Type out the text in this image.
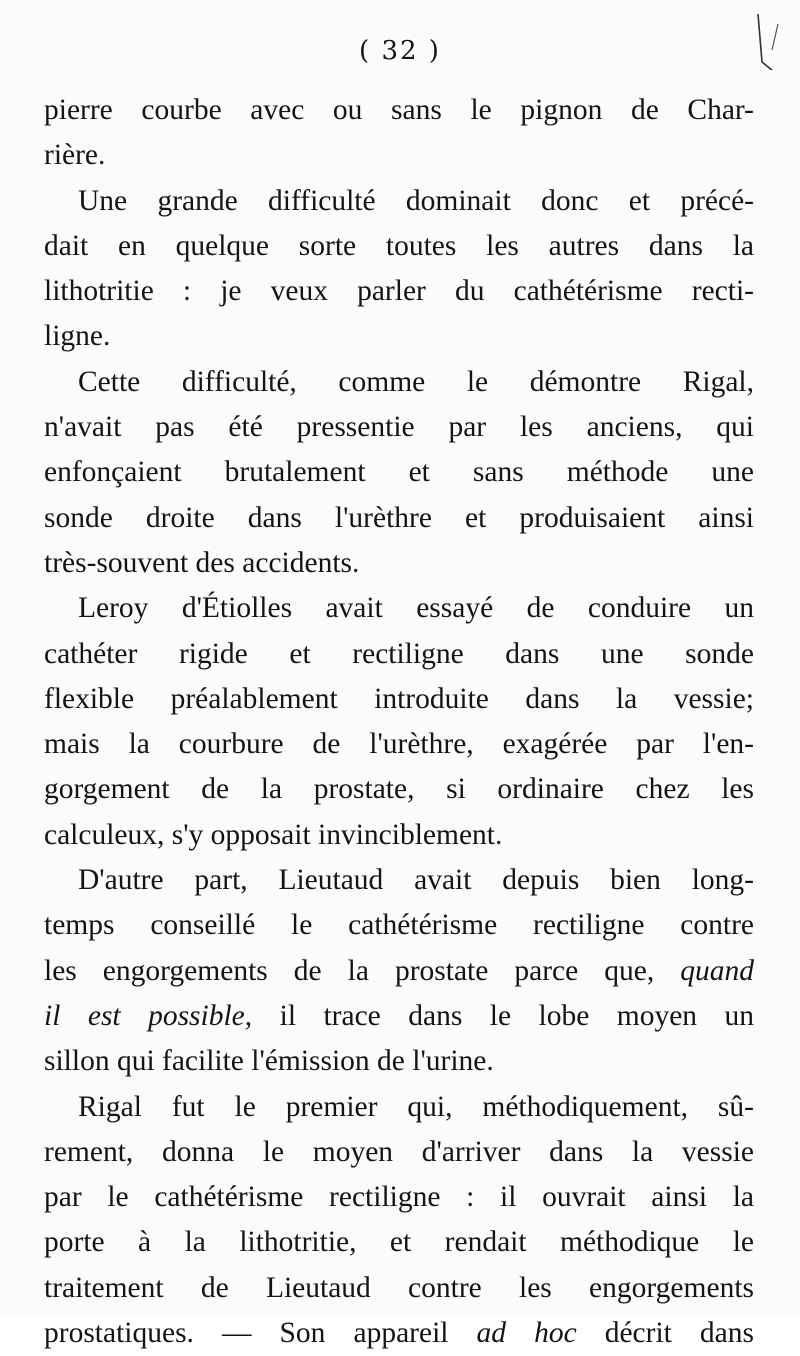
( 32 )
pierre courbe avec ou sans le pignon de Char-
rière.
Une grande difficulté dominait donc et précé-
dait en quelque sorte toutes les autres dans la
lithotritie : je veux parler du cathétérisme recti-
ligne.
Cette difficulté, comme le démontre Rigal,
n'avait pas été pressentie par les anciens, qui
enfonçaient brutalement et sans méthode une
sonde droite dans l'urèthre et produisaient ainsi
très-souvent des accidents.
Leroy d'Étiolles avait essayé de conduire un
cathéter rigide et rectiligne dans une sonde
flexible préalablement introduite dans la vessie;
mais la courbure de l'urèthre, exagérée par l'en-
gorgement de la prostate, si ordinaire chez les
calculeux, s'y opposait invinciblement.
D'autre part, Lieutaud avait depuis bien long-
temps conseillé le cathétérisme rectiligne contre
les engorgements de la prostate parce que, quand
il est possible, il trace dans le lobe moyen un
sillon qui facilite l'émission de l'urine.
Rigal fut le premier qui, méthodiquement, sû-
rement, donna le moyen d'arriver dans la vessie
par le cathétérisme rectiligne : il ouvrait ainsi la
porte à la lithotritie, et rendait méthodique le
traitement de Lieutaud contre les engorgements
prostatiques. — Son appareil ad hoc décrit dans
